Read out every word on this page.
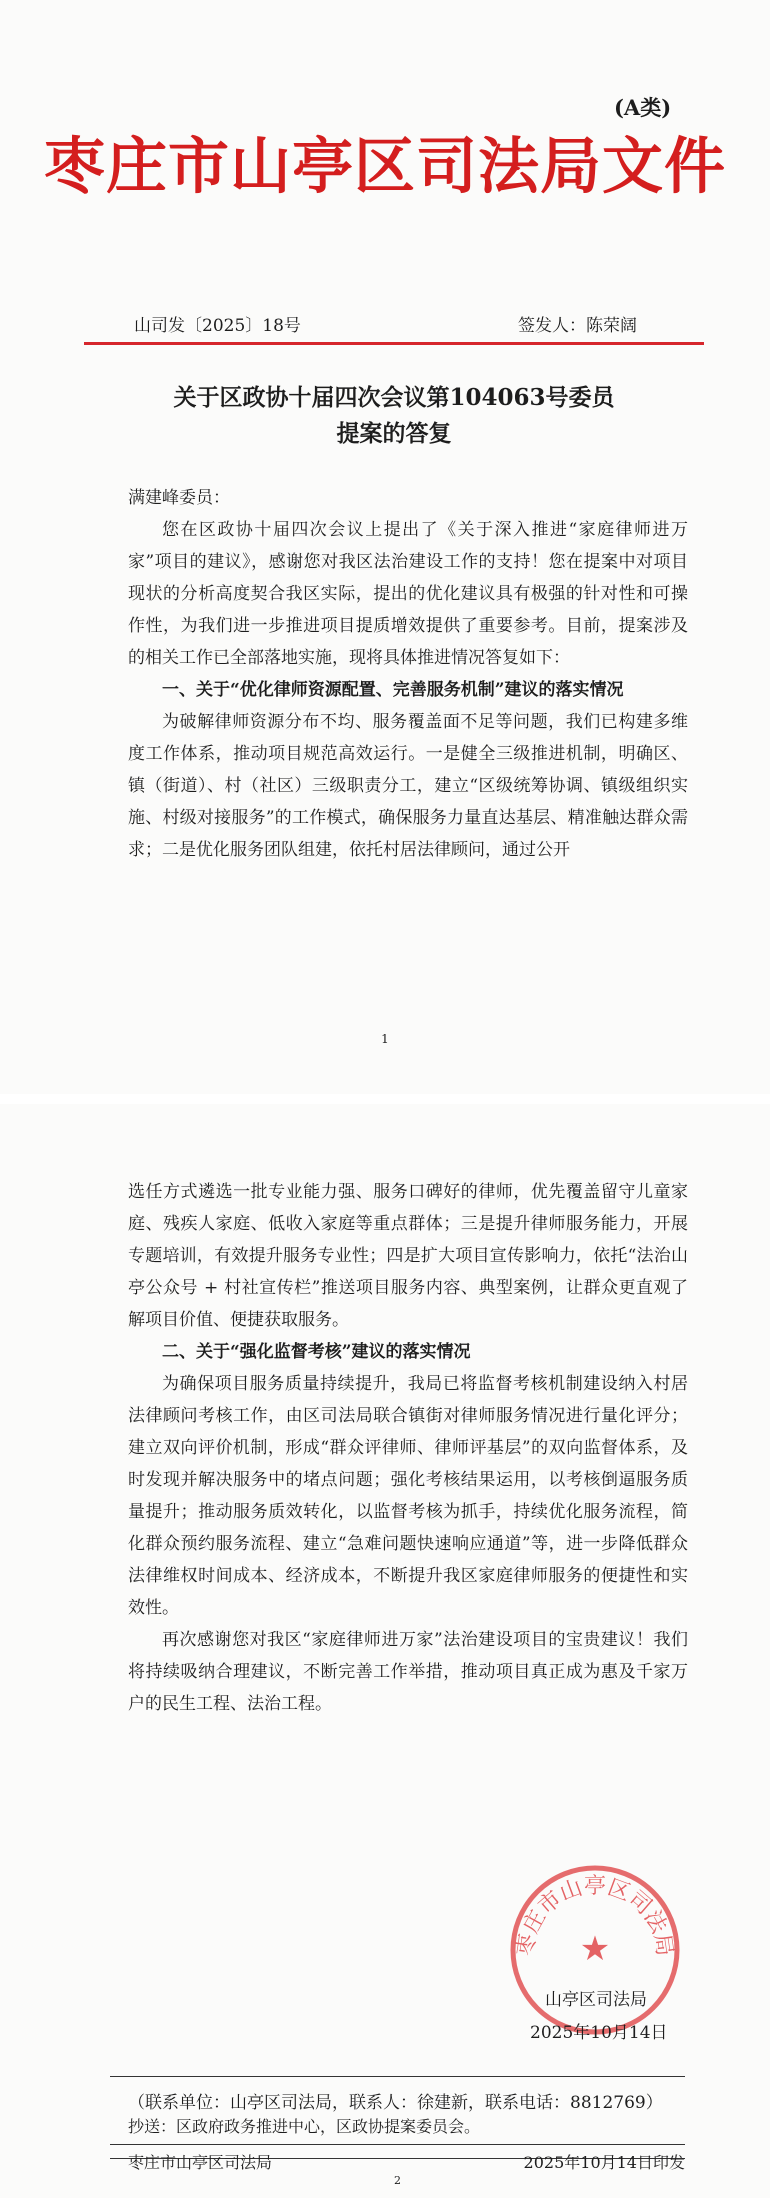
(A类)
枣庄市山亭区司法局文件
山司发〔2025〕18号	签发人：陈荣阔
关于区政协十届四次会议第104063号委员
提案的答复

满建峰委员：

您在区政协十届四次会议上提出了《关于深入推进“家庭律师进万家”项目的建议》，感谢您对我区法治建设工作的支持！您在提案中对项目现状的分析高度契合我区实际，提出的优化建议具有极强的针对性和可操作性，为我们进一步推进项目提质增效提供了重要参考。目前，提案涉及的相关工作已全部落地实施，现将具体推进情况答复如下：

一、关于“优化律师资源配置、完善服务机制”建议的落实情况

为破解律师资源分布不均、服务覆盖面不足等问题，我们已构建多维度工作体系，推动项目规范高效运行。一是健全三级推进机制，明确区、镇（街道）、村（社区）三级职责分工，建立“区级统筹协调、镇级组织实施、村级对接服务”的工作模式，确保服务力量直达基层、精准触达群众需求；二是优化服务团队组建，依托村居法律顾问，通过公开

1

选任方式遴选一批专业能力强、服务口碑好的律师，优先覆盖留守儿童家庭、残疾人家庭、低收入家庭等重点群体；三是提升律师服务能力，开展专题培训，有效提升服务专业性；四是扩大项目宣传影响力，依托“法治山亭公众号 + 村社宣传栏”推送项目服务内容、典型案例，让群众更直观了解项目价值、便捷获取服务。

二、关于“强化监督考核”建议的落实情况

为确保项目服务质量持续提升，我局已将监督考核机制建设纳入村居法律顾问考核工作，由区司法局联合镇街对律师服务情况进行量化评分；建立双向评价机制，形成“群众评律师、律师评基层”的双向监督体系，及时发现并解决服务中的堵点问题；强化考核结果运用，以考核倒逼服务质量提升；推动服务质效转化，以监督考核为抓手，持续优化服务流程，简化群众预约服务流程、建立“急难问题快速响应通道”等，进一步降低群众法律维权时间成本、经济成本，不断提升我区家庭律师服务的便捷性和实效性。

再次感谢您对我区“家庭律师进万家”法治建设项目的宝贵建议！我们将持续吸纳合理建议，不断完善工作举措，推动项目真正成为惠及千家万户的民生工程、法治工程。

枣庄市山亭区司法局
★
山亭区司法局
2025年10月14日
（联系单位：山亭区司法局，联系人：徐建新，联系电话：8812769）
抄送：区政府政务推进中心，区政协提案委员会。
枣庄市山亭区司法局	2025年10月14日印发
2
